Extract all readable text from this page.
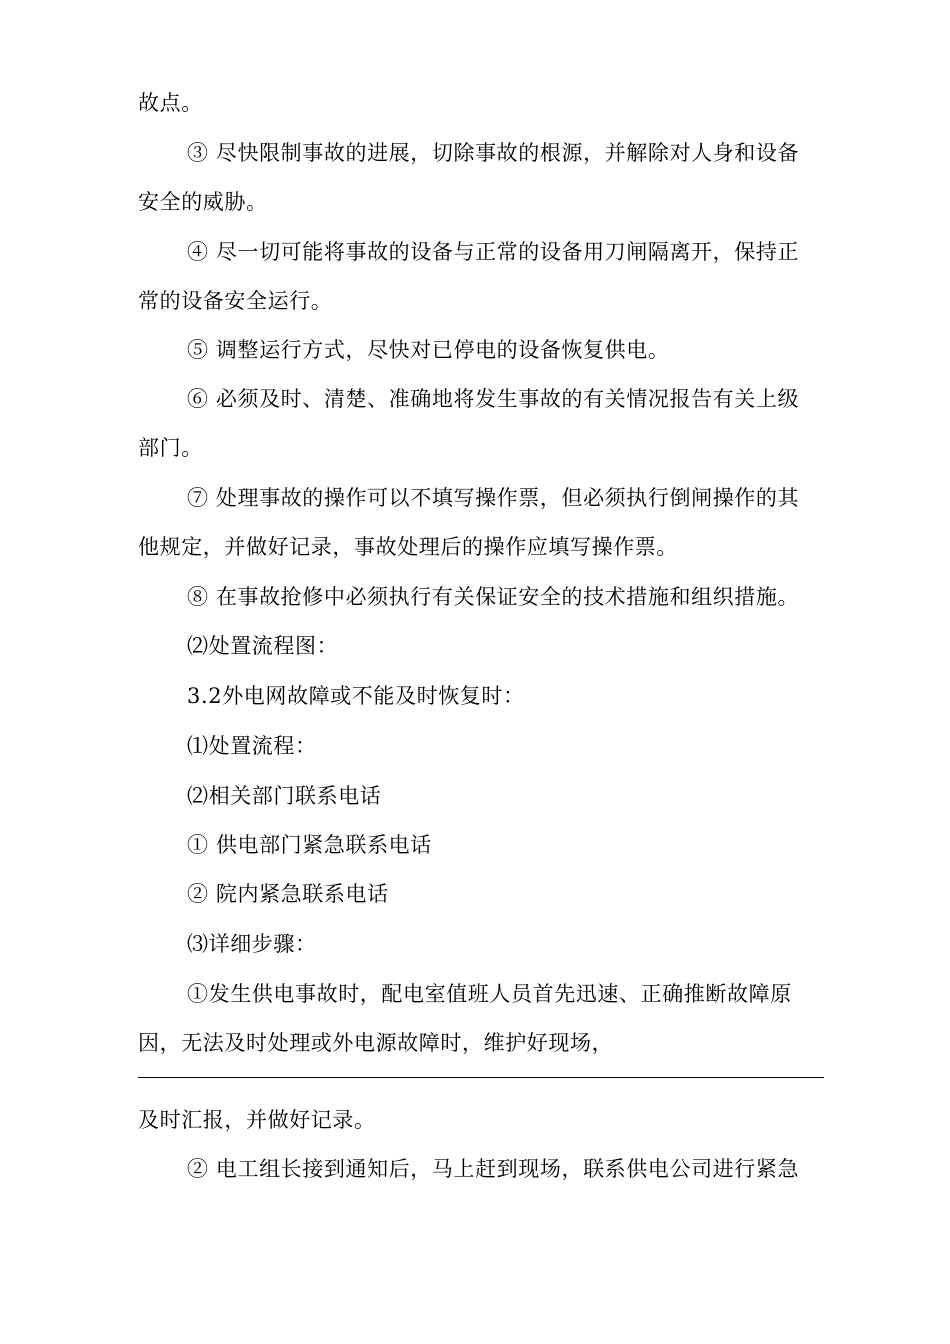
故点。
③ 尽快限制事故的进展，切除事故的根源，并解除对人身和设备
安全的威胁。
④ 尽一切可能将事故的设备与正常的设备用刀闸隔离开，保持正
常的设备安全运行。
⑤ 调整运行方式，尽快对已停电的设备恢复供电。
⑥ 必须及时、清楚、准确地将发生事故的有关情况报告有关上级
部门。
⑦ 处理事故的操作可以不填写操作票，但必须执行倒闸操作的其
他规定，并做好记录，事故处理后的操作应填写操作票。
⑧ 在事故抢修中必须执行有关保证安全的技术措施和组织措施。
⑵处置流程图：
3.2外电网故障或不能及时恢复时：
⑴处置流程：
⑵相关部门联系电话
① 供电部门紧急联系电话
② 院内紧急联系电话
⑶详细步骤：
①发生供电事故时，配电室值班人员首先迅速、正确推断故障原
因，无法及时处理或外电源故障时，维护好现场，
及时汇报，并做好记录。
② 电工组长接到通知后，马上赶到现场，联系供电公司进行紧急
